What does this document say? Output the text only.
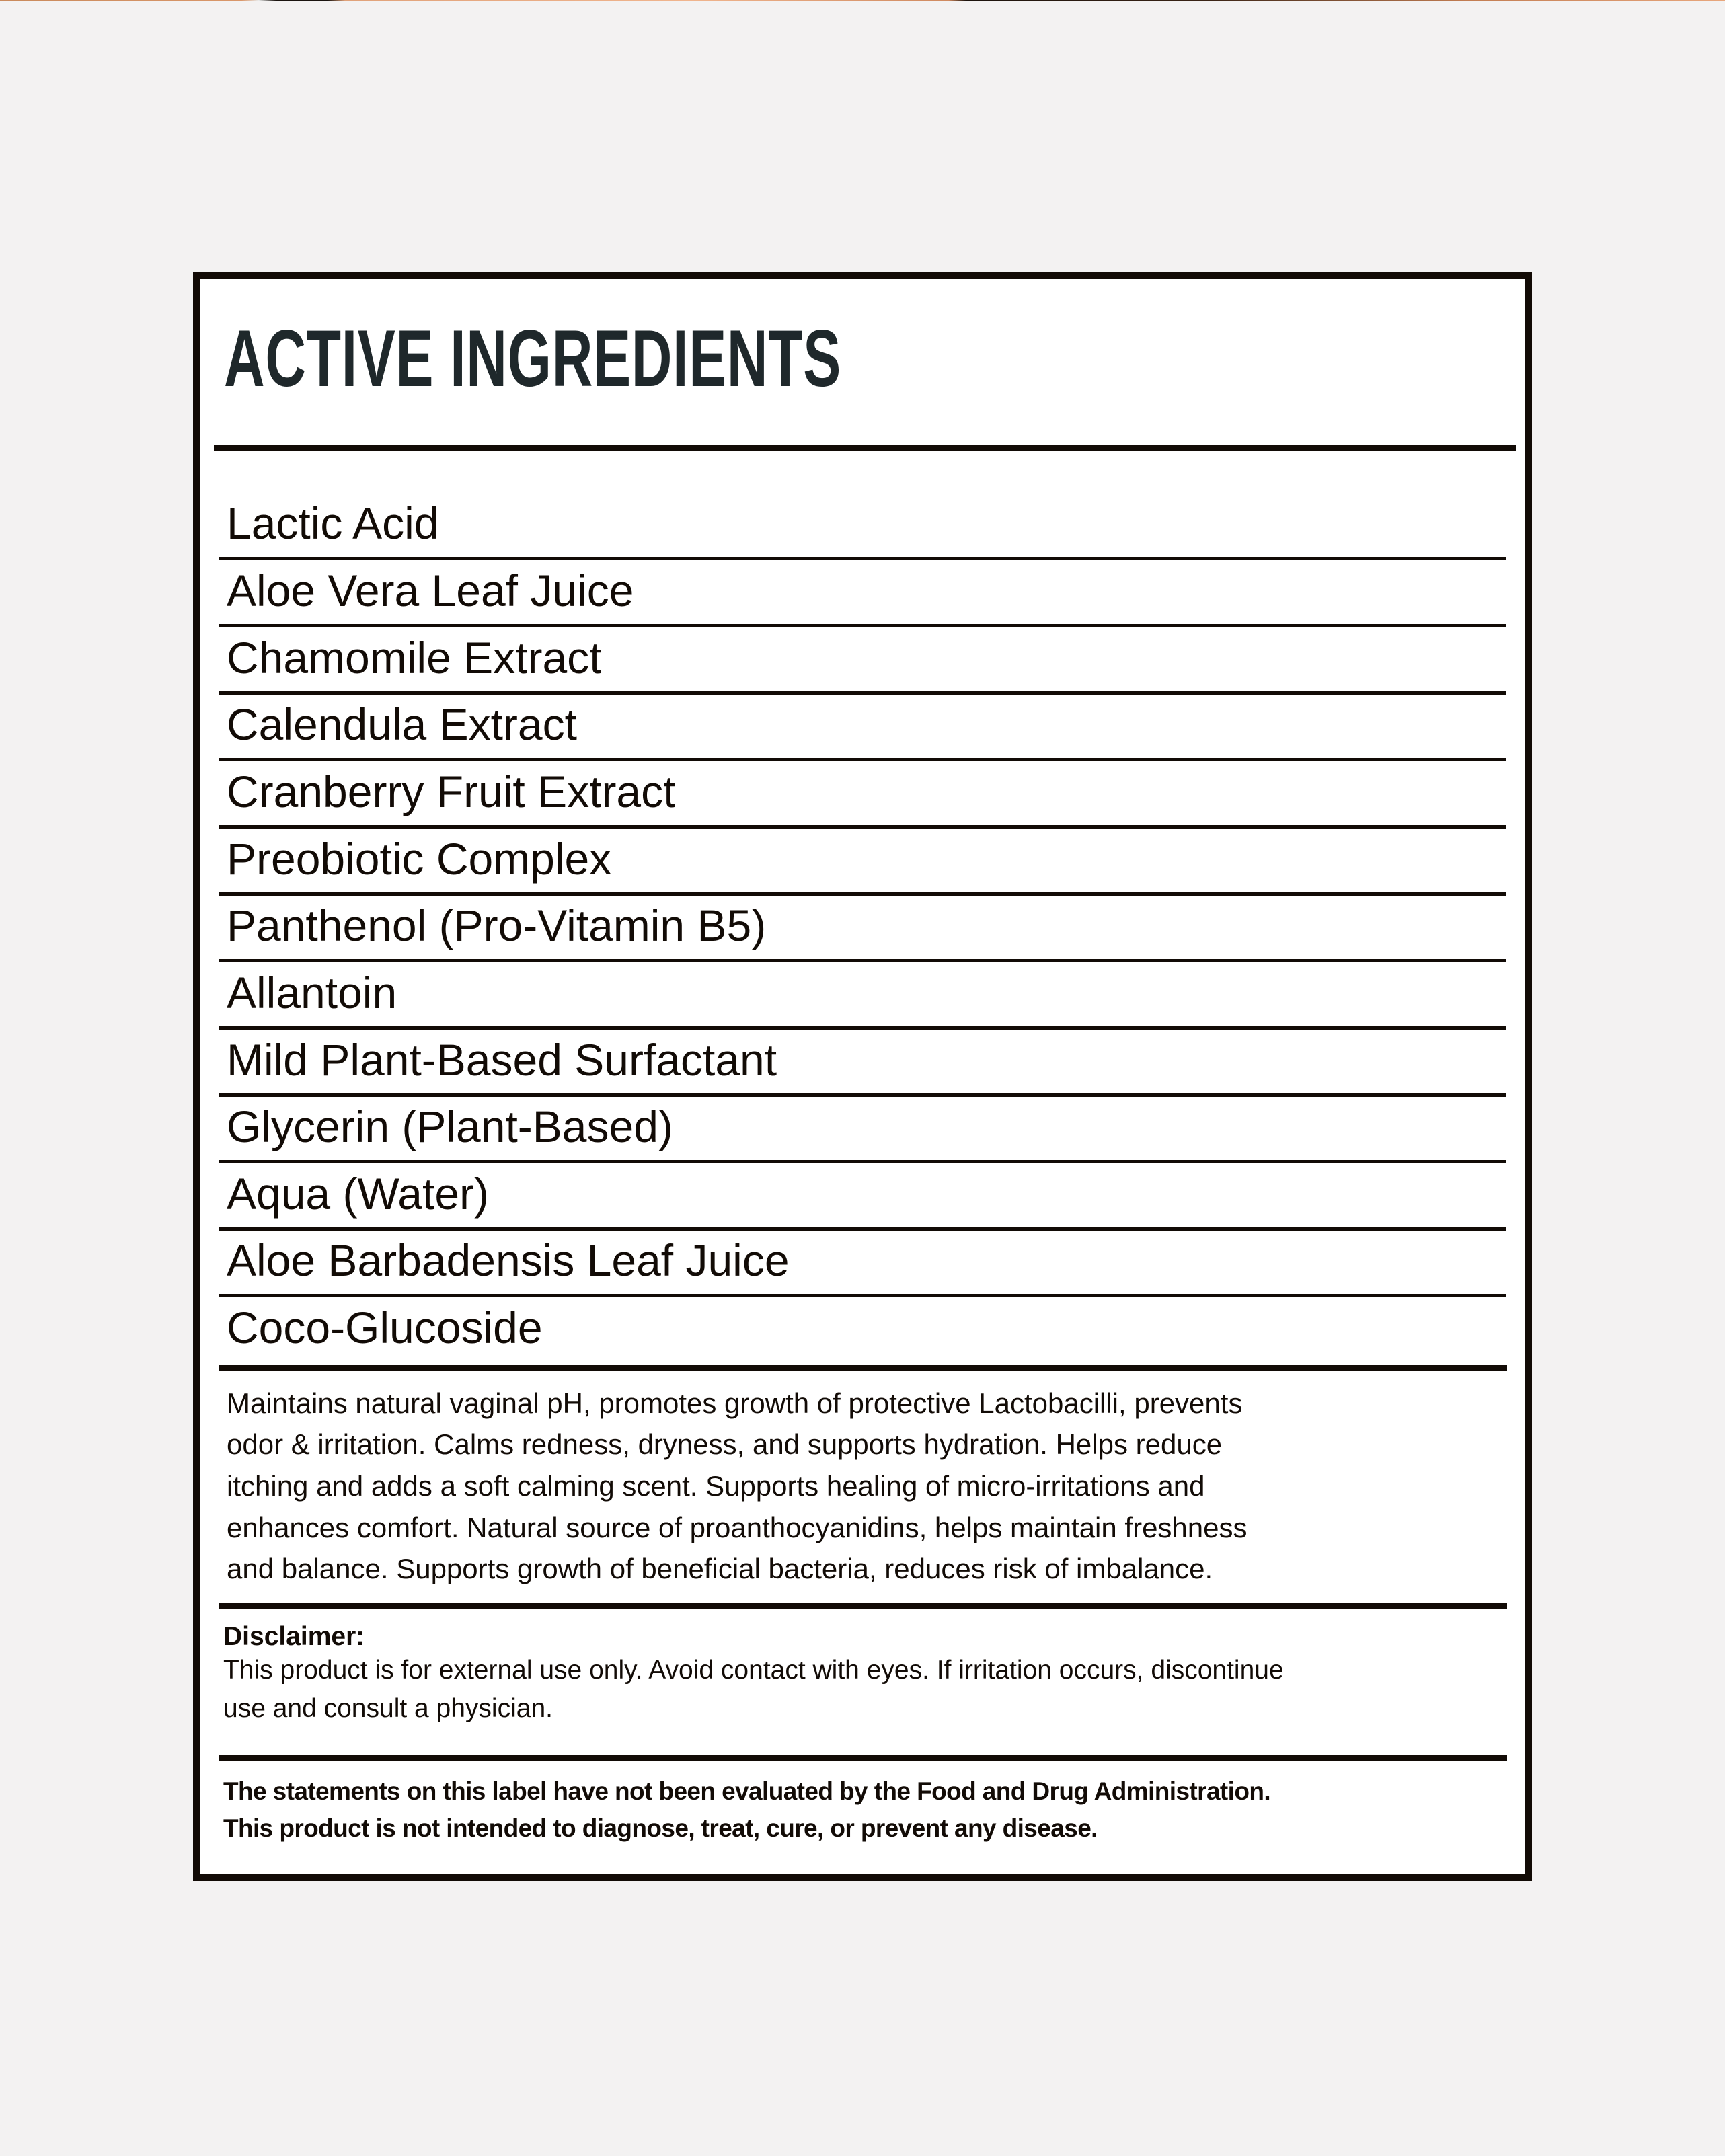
ACTIVE INGREDIENTS
Lactic Acid
Aloe Vera Leaf Juice
Chamomile Extract
Calendula Extract
Cranberry Fruit Extract
Preobiotic Complex
Panthenol (Pro-Vitamin B5)
Allantoin
Mild Plant-Based Surfactant
Glycerin (Plant-Based)
Aqua (Water)
Aloe Barbadensis Leaf Juice
Coco-Glucoside
Maintains natural vaginal pH, promotes growth of protective Lactobacilli, prevents
odor & irritation. Calms redness, dryness, and supports hydration. Helps reduce
itching and adds a soft calming scent. Supports healing of micro-irritations and
enhances comfort. Natural source of proanthocyanidins, helps maintain freshness
and balance. Supports growth of beneficial bacteria, reduces risk of imbalance.
Disclaimer:
This product is for external use only. Avoid contact with eyes. If irritation occurs, discontinue
use and consult a physician.
The statements on this label have not been evaluated by the Food and Drug Administration.
This product is not intended to diagnose, treat, cure, or prevent any disease.
